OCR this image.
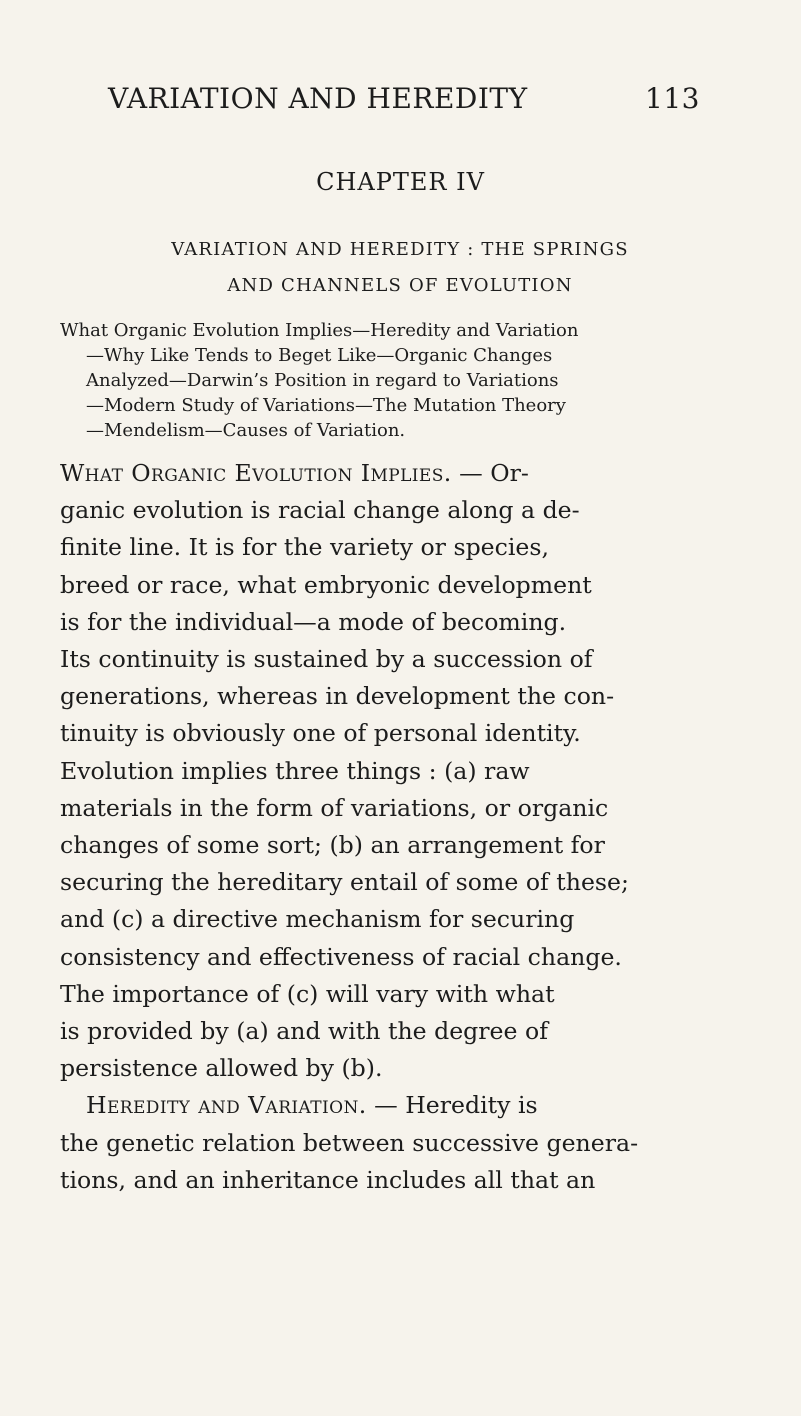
VARIATION AND HEREDITY	113
CHAPTER IV
VARIATION AND HEREDITY : THE SPRINGS
AND CHANNELS OF EVOLUTION
What Organic Evolution Implies—Heredity and Variation
—Why Like Tends to Beget Like—Organic Changes
Analyzed—Darwin’s Position in regard to Variations
—Modern Study of Variations—The Mutation Theory
—Mendelism—Causes of Variation.
What Organic Evolution Implies. — Or-
ganic evolution is racial change along a de-
finite line. It is for the variety or species,
breed or race, what embryonic development
is for the individual—a mode of becoming.
Its continuity is sustained by a succession of
generations, whereas in development the con-
tinuity is obviously one of personal identity.
Evolution implies three things : (a) raw
materials in the form of variations, or organic
changes of some sort; (b) an arrangement for
securing the hereditary entail of some of these;
and (c) a directive mechanism for securing
consistency and effectiveness of racial change.
The importance of (c) will vary with what
is provided by (a) and with the degree of
persistence allowed by (b).
Heredity and Variation. — Heredity is
the genetic relation between successive genera-
tions, and an inheritance includes all that an
